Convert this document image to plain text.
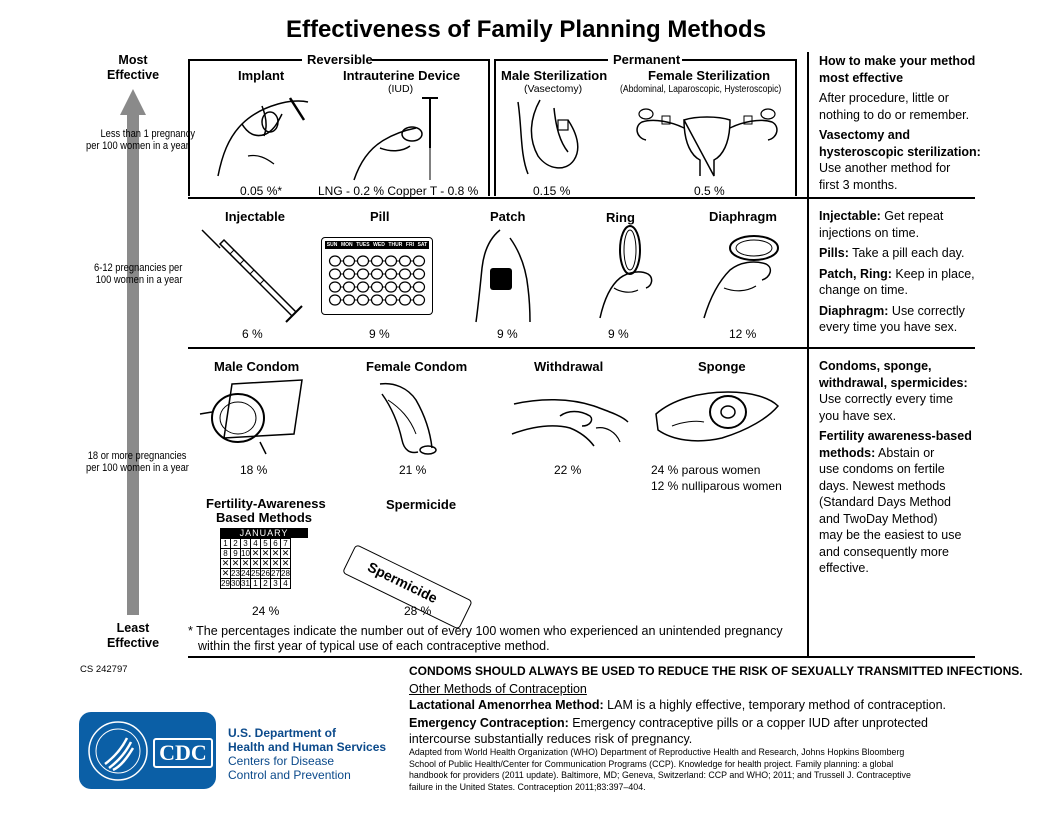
Effectiveness of Family Planning Methods
Most
Effective
Less than 1 pregnancy
per 100 women in a year
6-12 pregnancies per
100 women in a year
18 or more pregnancies
per 100 women in a year
Least
Effective
Reversible	Permanent
Implant
0.05 %*
Intrauterine Device
(IUD)
LNG - 0.2 % Copper T - 0.8 %
Male Sterilization
(Vasectomy)
0.15 %
Female Sterilization
(Abdominal, Laparoscopic, Hysteroscopic)
0.5 %
Injectable
6 %
Pill
SUN MON TUES WED THUR FRI SAT
9 %
Patch
9 %
Ring
9 %
Diaphragm
12 %
Male Condom
18 %
Female Condom
21 %
Withdrawal
22 %
Sponge
24 % parous women
12 % nulliparous women
Fertility-Awareness
Based Methods
JANUARY
1	2	3	4	5	6	7
8	9	10	✕	✕	✕	✕
✕	✕	✕	✕	✕	✕	✕
✕	23	24	25	26	27	28
29	30	31	1	2	3	4
24 %
Spermicide
Spermicide
28 %
* The percentages indicate the number out of every 100 women who experienced an unintended pregnancy
within the first year of typical use of each contraceptive method.
How to make your method
most effective
After procedure, little or
nothing to do or remember.
Vasectomy and
hysteroscopic sterilization:
Use another method for
first 3 months.
Injectable: Get repeat
injections on time.
Pills: Take a pill each day.
Patch, Ring: Keep in place,
change on time.
Diaphragm: Use correctly
every time you have sex.
Condoms, sponge,
withdrawal, spermicides:
Use correctly every time
you have sex.
Fertility awareness-based
methods: Abstain or
use condoms on fertile
days. Newest methods
(Standard Days Method
and TwoDay Method)
may be the easiest to use
and consequently more
effective.
CS 242797	CONDOMS SHOULD ALWAYS BE USED TO REDUCE THE RISK OF SEXUALLY TRANSMITTED INFECTIONS.
Other Methods of Contraception
Lactational Amenorrhea Method: LAM is a highly effective, temporary method of contraception.
Emergency Contraception: Emergency contraceptive pills or a copper IUD after unprotected
intercourse substantially reduces risk of pregnancy.
Adapted from World Health Organization (WHO) Department of Reproductive Health and Research, Johns Hopkins Bloomberg
School of Public Health/Center for Communication Programs (CCP). Knowledge for health project. Family planning: a global
handbook for providers (2011 update). Baltimore, MD; Geneva, Switzerland: CCP and WHO; 2011; and Trussell J. Contraceptive
failure in the United States. Contraception 2011;83:397–404.
CDC
U.S. Department of
Health and Human Services
Centers for Disease
Control and Prevention
